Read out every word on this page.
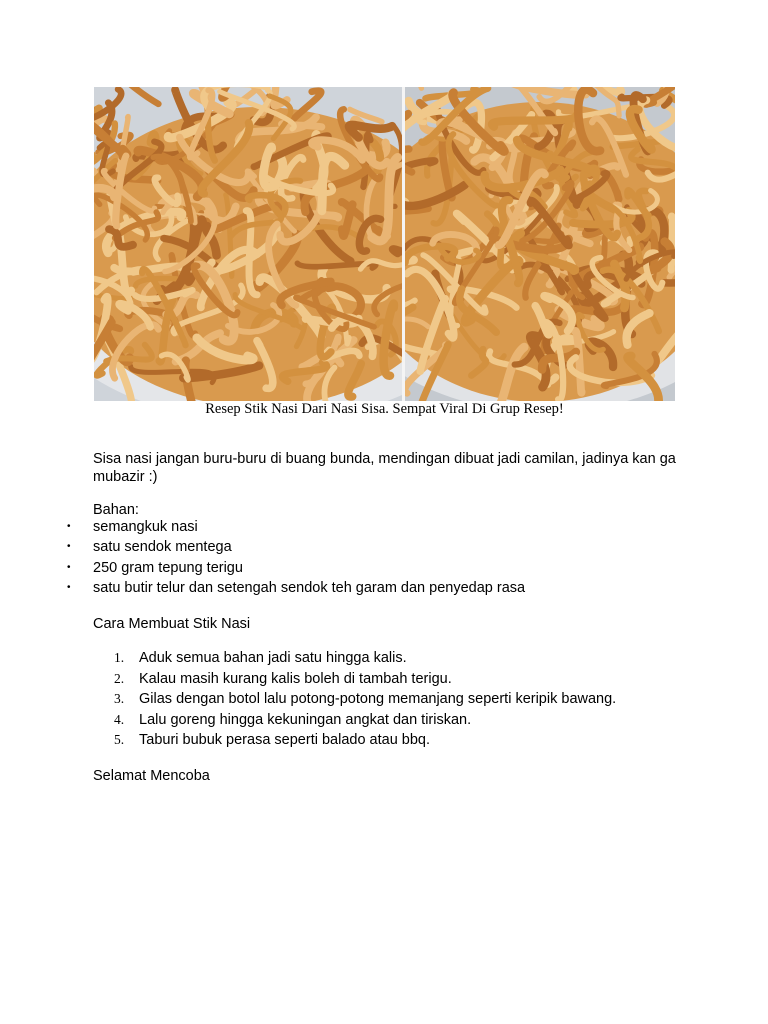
Resep Stik Nasi Dari Nasi Sisa. Sempat Viral Di Grup Resep!
Sisa nasi jangan buru-buru di buang bunda, mendingan dibuat jadi camilan, jadinya kan ga mubazir :)
Bahan:
• semangkuk nasi
• satu sendok mentega
• 250 gram tepung terigu
• satu butir telur dan setengah sendok teh garam dan penyedap rasa
Cara Membuat Stik Nasi
1. Aduk semua bahan jadi satu hingga kalis.
2. Kalau masih kurang kalis boleh di tambah terigu.
3. Gilas dengan botol lalu potong-potong memanjang seperti keripik bawang.
4. Lalu goreng hingga kekuningan angkat dan tiriskan.
5. Taburi bubuk perasa seperti balado atau bbq.
Selamat Mencoba
